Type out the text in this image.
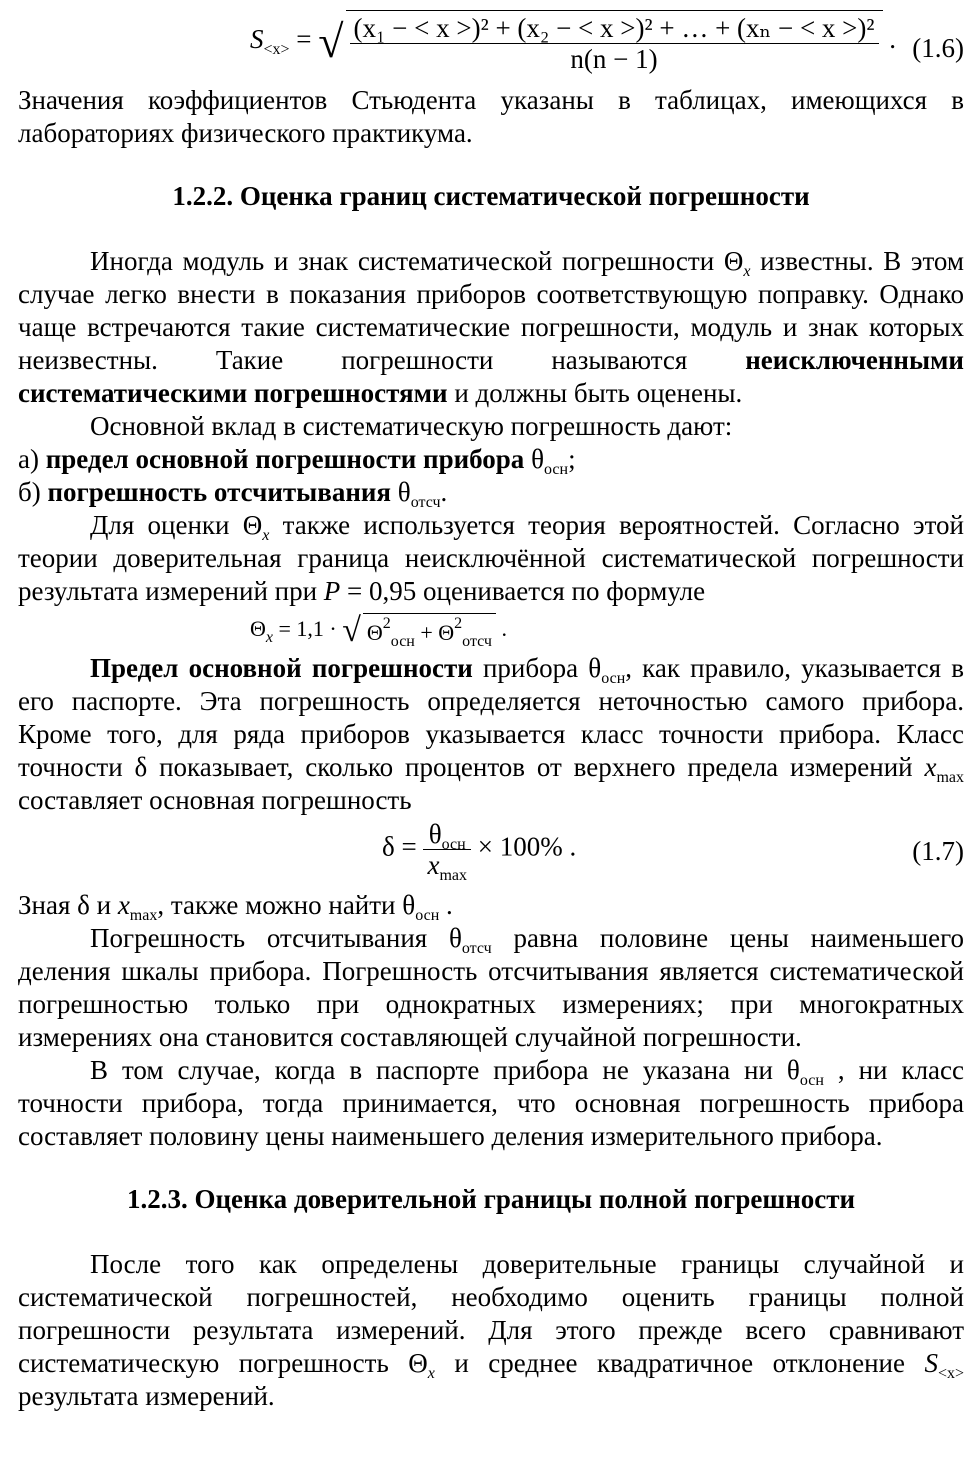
$S_{<x>}$ = √ $\frac{\text{(x₁ − < x >)² + (x₂ − < x >)² + … + (xₙ − < x >)²}}{n(n - 1)}$ . (1.6)

Значения коэффициентов Стьюдента указаны в таблицах, имеющихся в лабораториях физического практикума.

1.2.2. Оценка границ систематической погрешности

Иногда модуль и знак систематической погрешности $\Theta_x$ известны. В этом случае легко внести в показания приборов соответствующую поправку. Однако чаще встречаются такие систематические погрешности, модуль и знак которых неизвестны. Такие погрешности называются неисключенными систематическими погрешностями и должны быть оценены.

Основной вклад в систематическую погрешность дают:

а) предел основной погрешности прибора $\theta_{осн}$;

б) погрешность отсчитывания $\theta_{отсч}$.

Для оценки $\Theta_x$ также используется теория вероятностей. Согласно этой теории доверительная граница неисключённой систематической погрешности результата измерений при P = 0,95 оценивается по формуле

$\Theta_x = 1,1$ · √ $\Theta^2_{осн} + \Theta^2_{отсч}$ .

Предел основной погрешности прибора $\theta_{осн}$, как правило, указывается в его паспорте. Эта погрешность определяется неточностью самого прибора. Кроме того, для ряда приборов указывается класс точности прибора. Класс точности δ показывает, сколько процентов от верхнего предела измерений $x_{max}$ составляет основная погрешность

$\delta = \frac{\theta_{осн}}{x_{max}} \times 100\%$ .	(1.7)

Зная δ и $x_{max}$, также можно найти $\theta_{осн}$ .

Погрешность отсчитывания $\theta_{отсч}$ равна половине цены наименьшего деления шкалы прибора. Погрешность отсчитывания является систематической погрешностью только при однократных измерениях; при многократных измерениях она становится составляющей случайной погрешности.

В том случае, когда в паспорте прибора не указана ни $\theta_{осн}$ , ни класс точности прибора, тогда принимается, что основная погрешность прибора составляет половину цены наименьшего деления измерительного прибора.

1.2.3. Оценка доверительной границы полной погрешности

После того как определены доверительные границы случайной и систематической погрешностей, необходимо оценить границы полной погрешности результата измерений. Для этого прежде всего сравнивают систематическую погрешность $\Theta_x$ и среднее квадратичное отклонение $S_{<x>}$ результата измерений.
